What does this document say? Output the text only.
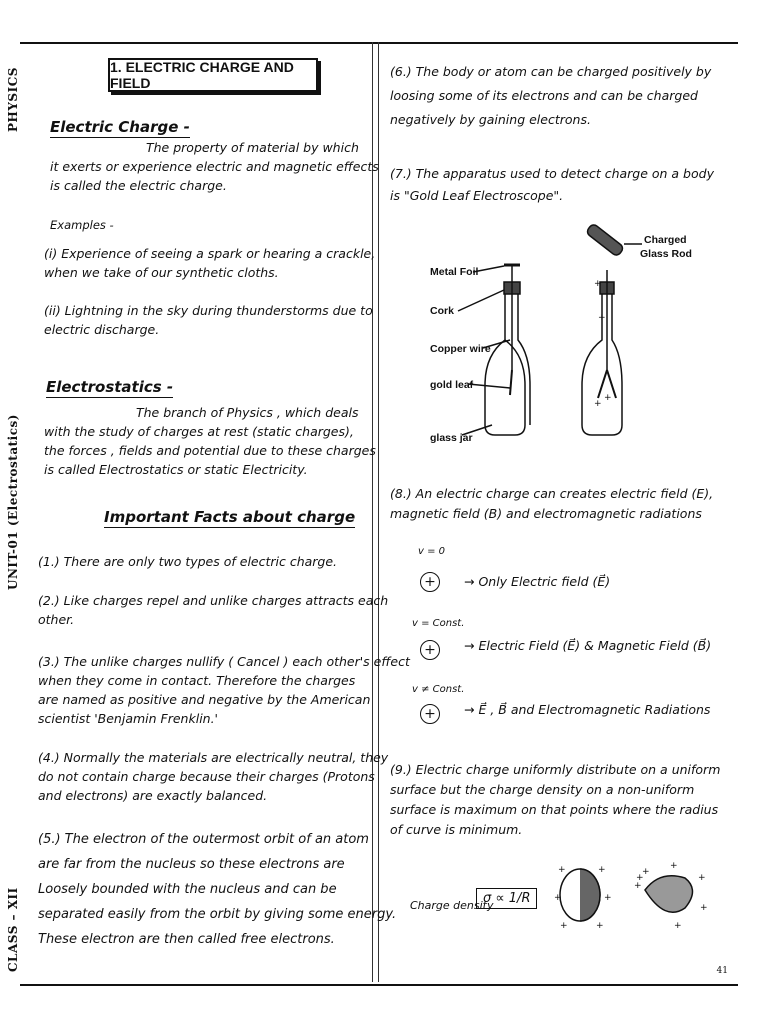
PHYSICS
UNIT-01 (Electrostatics)
CLASS – XII
1. ELECTRIC CHARGE AND FIELD
Electric Charge -
The property of material by which
it exerts or experience electric and magnetic effects
is called the electric charge.
Examples -
(i) Experience of seeing a spark or hearing a crackle,
when we take of our synthetic cloths.
(ii) Lightning in the sky during thunderstorms due to
electric discharge.
Electrostatics -
The branch of Physics , which deals
with the study of charges at rest (static charges),
the forces , fields and potential due to these charges
is called Electrostatics or static Electricity.
Important Facts about charge
(1.) There are only two types of electric charge.
(2.) Like charges repel and unlike charges attracts each
other.
(3.) The unlike charges nullify ( Cancel ) each other's effect
when they come in contact. Therefore the charges
are named as positive and negative by the American
scientist 'Benjamin Frenklin.'
(4.) Normally the materials are electrically neutral, they
do not contain charge because their charges (Protons
and electrons) are exactly balanced.
(5.) The electron of the outermost orbit of an atom
are far from the nucleus so these electrons are
Loosely bounded with the nucleus and can be
separated easily from the orbit by giving some energy.
These electron are then called free electrons.
(6.) The body or atom can be charged positively by
loosing some of its electrons and can be charged
negatively by gaining electrons.
(7.) The apparatus used to detect charge on a body
is "Gold Leaf Electroscope".
+
+
+
+
Metal Foil
Cork
Copper wire
gold leaf
glass jar
Charged
Glass Rod
(8.) An electric charge can creates electric field (E),
magnetic field (B) and electromagnetic radiations
v = 0
+	→ Only Electric field (E⃗)
v = Const.
+	→ Electric Field (E⃗) & Magnetic Field (B⃗)
v ≠ Const.
+	→ E⃗ , B⃗ and Electromagnetic Radiations
(9.) Electric charge uniformly distribute on a uniform
surface but the charge density on a non-uniform
surface is maximum on that points where the radius
of curve is minimum.
Charge density
σ ∝ 1/R
+	+
+	+
+	+
+
+
+
+
+
+
+
41
